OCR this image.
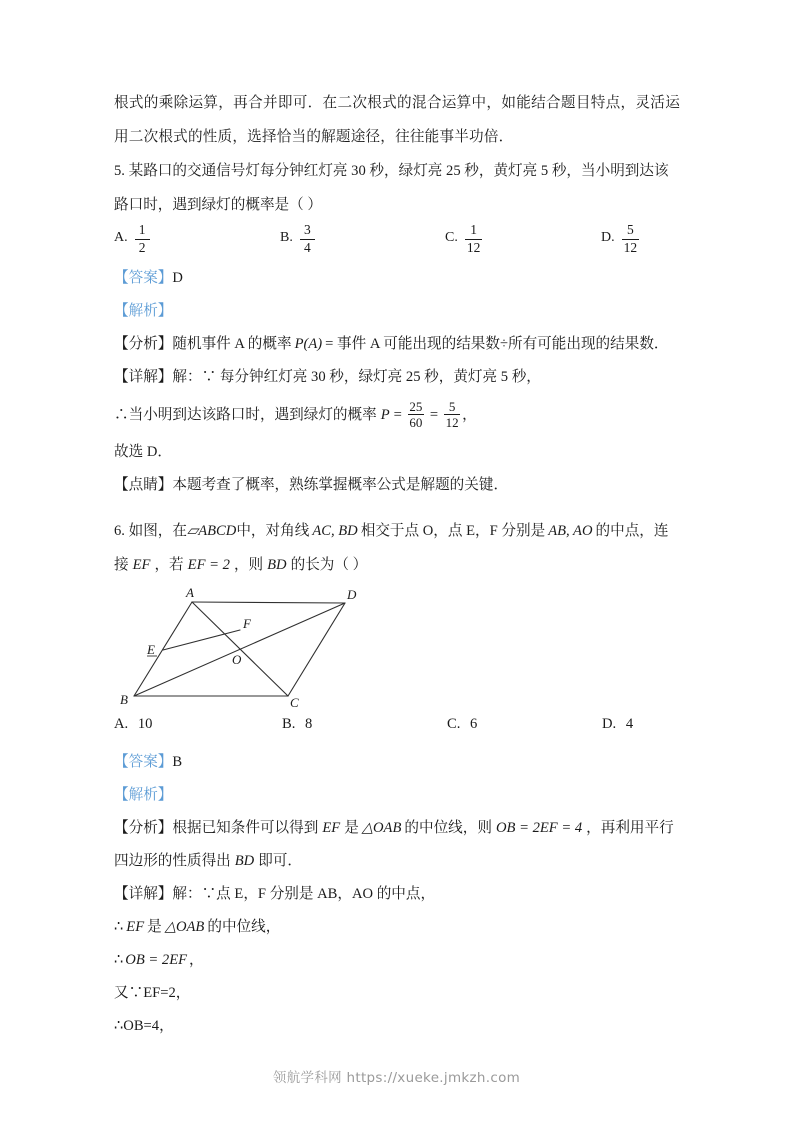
根式的乘除运算，再合并即可．在二次根式的混合运算中，如能结合题目特点，灵活运用二次根式的性质，选择恰当的解题途径，往往能事半功倍．

5. 某路口的交通信号灯每分钟红灯亮 30 秒，绿灯亮 25 秒，黄灯亮 5 秒，当小明到达该路口时，遇到绿灯的概率是（ ）

A. $\frac{1}{2}$	B. $\frac{3}{4}$	C. $\frac{1}{12}$	D. $\frac{5}{12}$

【答案】D

【解析】

【分析】随机事件 A 的概率 P(A) = 事件 A 可能出现的结果数÷所有可能出现的结果数．

【详解】解：∵ 每分钟红灯亮 30 秒，绿灯亮 25 秒，黄灯亮 5 秒，

∴当小明到达该路口时，遇到绿灯的概率 $P = \frac{25}{60} = \frac{5}{12}$ ，

故选 D．

【点睛】本题考查了概率，熟练掌握概率公式是解题的关键．

6. 如图，在▱ABCD中，对角线 AC, BD 相交于点 O，点 E，F 分别是 AB, AO 的中点，连

接 EF ，若 EF = 2 ，则 BD 的长为（ ）

A	D
B	C
E
F
O
A. 10	B. 8	C. 6	D. 4

【答案】B

【解析】

【分析】根据已知条件可以得到 EF 是 △OAB 的中位线，则 OB = 2EF = 4 ，再利用平行

四边形的性质得出 BD 即可．

【详解】解：∵点 E，F 分别是 AB，AO 的中点，

∴ EF 是 △OAB 的中位线，

∴ OB = 2EF ，

又∵EF=2，

∴OB=4，

领航学科网 https://xueke.jmkzh.com
